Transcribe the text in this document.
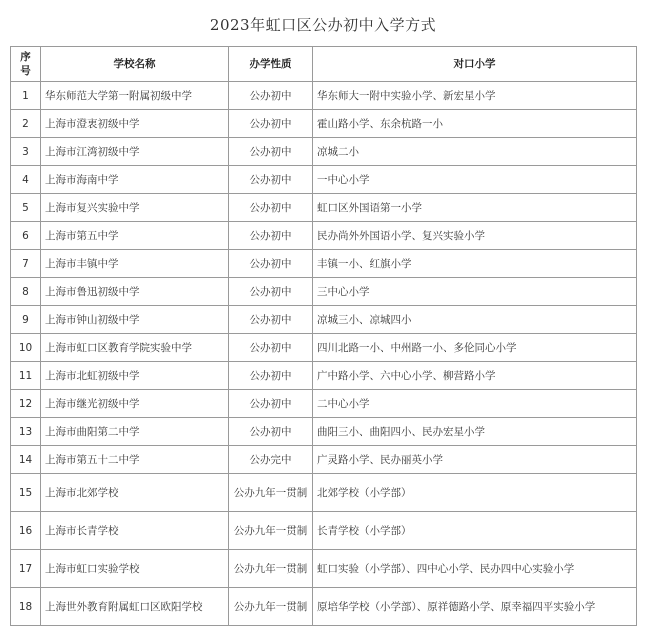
2023年虹口区公办初中入学方式
序号	学校名称	办学性质	对口小学
1	华东师范大学第一附属初级中学	公办初中	华东师大一附中实验小学、新宏星小学
2	上海市澄衷初级中学	公办初中	霍山路小学、东余杭路一小
3	上海市江湾初级中学	公办初中	凉城二小
4	上海市海南中学	公办初中	一中心小学
5	上海市复兴实验中学	公办初中	虹口区外国语第一小学
6	上海市第五中学	公办初中	民办尚外外国语小学、复兴实验小学
7	上海市丰镇中学	公办初中	丰镇一小、红旗小学
8	上海市鲁迅初级中学	公办初中	三中心小学
9	上海市钟山初级中学	公办初中	凉城三小、凉城四小
10	上海市虹口区教育学院实验中学	公办初中	四川北路一小、中州路一小、多伦同心小学
11	上海市北虹初级中学	公办初中	广中路小学、六中心小学、柳营路小学
12	上海市继光初级中学	公办初中	二中心小学
13	上海市曲阳第二中学	公办初中	曲阳三小、曲阳四小、民办宏星小学
14	上海市第五十二中学	公办完中	广灵路小学、民办丽英小学
15	上海市北郊学校	公办九年一贯制	北郊学校（小学部）
16	上海市长青学校	公办九年一贯制	长青学校（小学部）
17	上海市虹口实验学校	公办九年一贯制	虹口实验（小学部）、四中心小学、民办四中心实验小学
18	上海世外教育附属虹口区欧阳学校	公办九年一贯制	原培华学校（小学部）、原祥德路小学、原幸福四平实验小学
